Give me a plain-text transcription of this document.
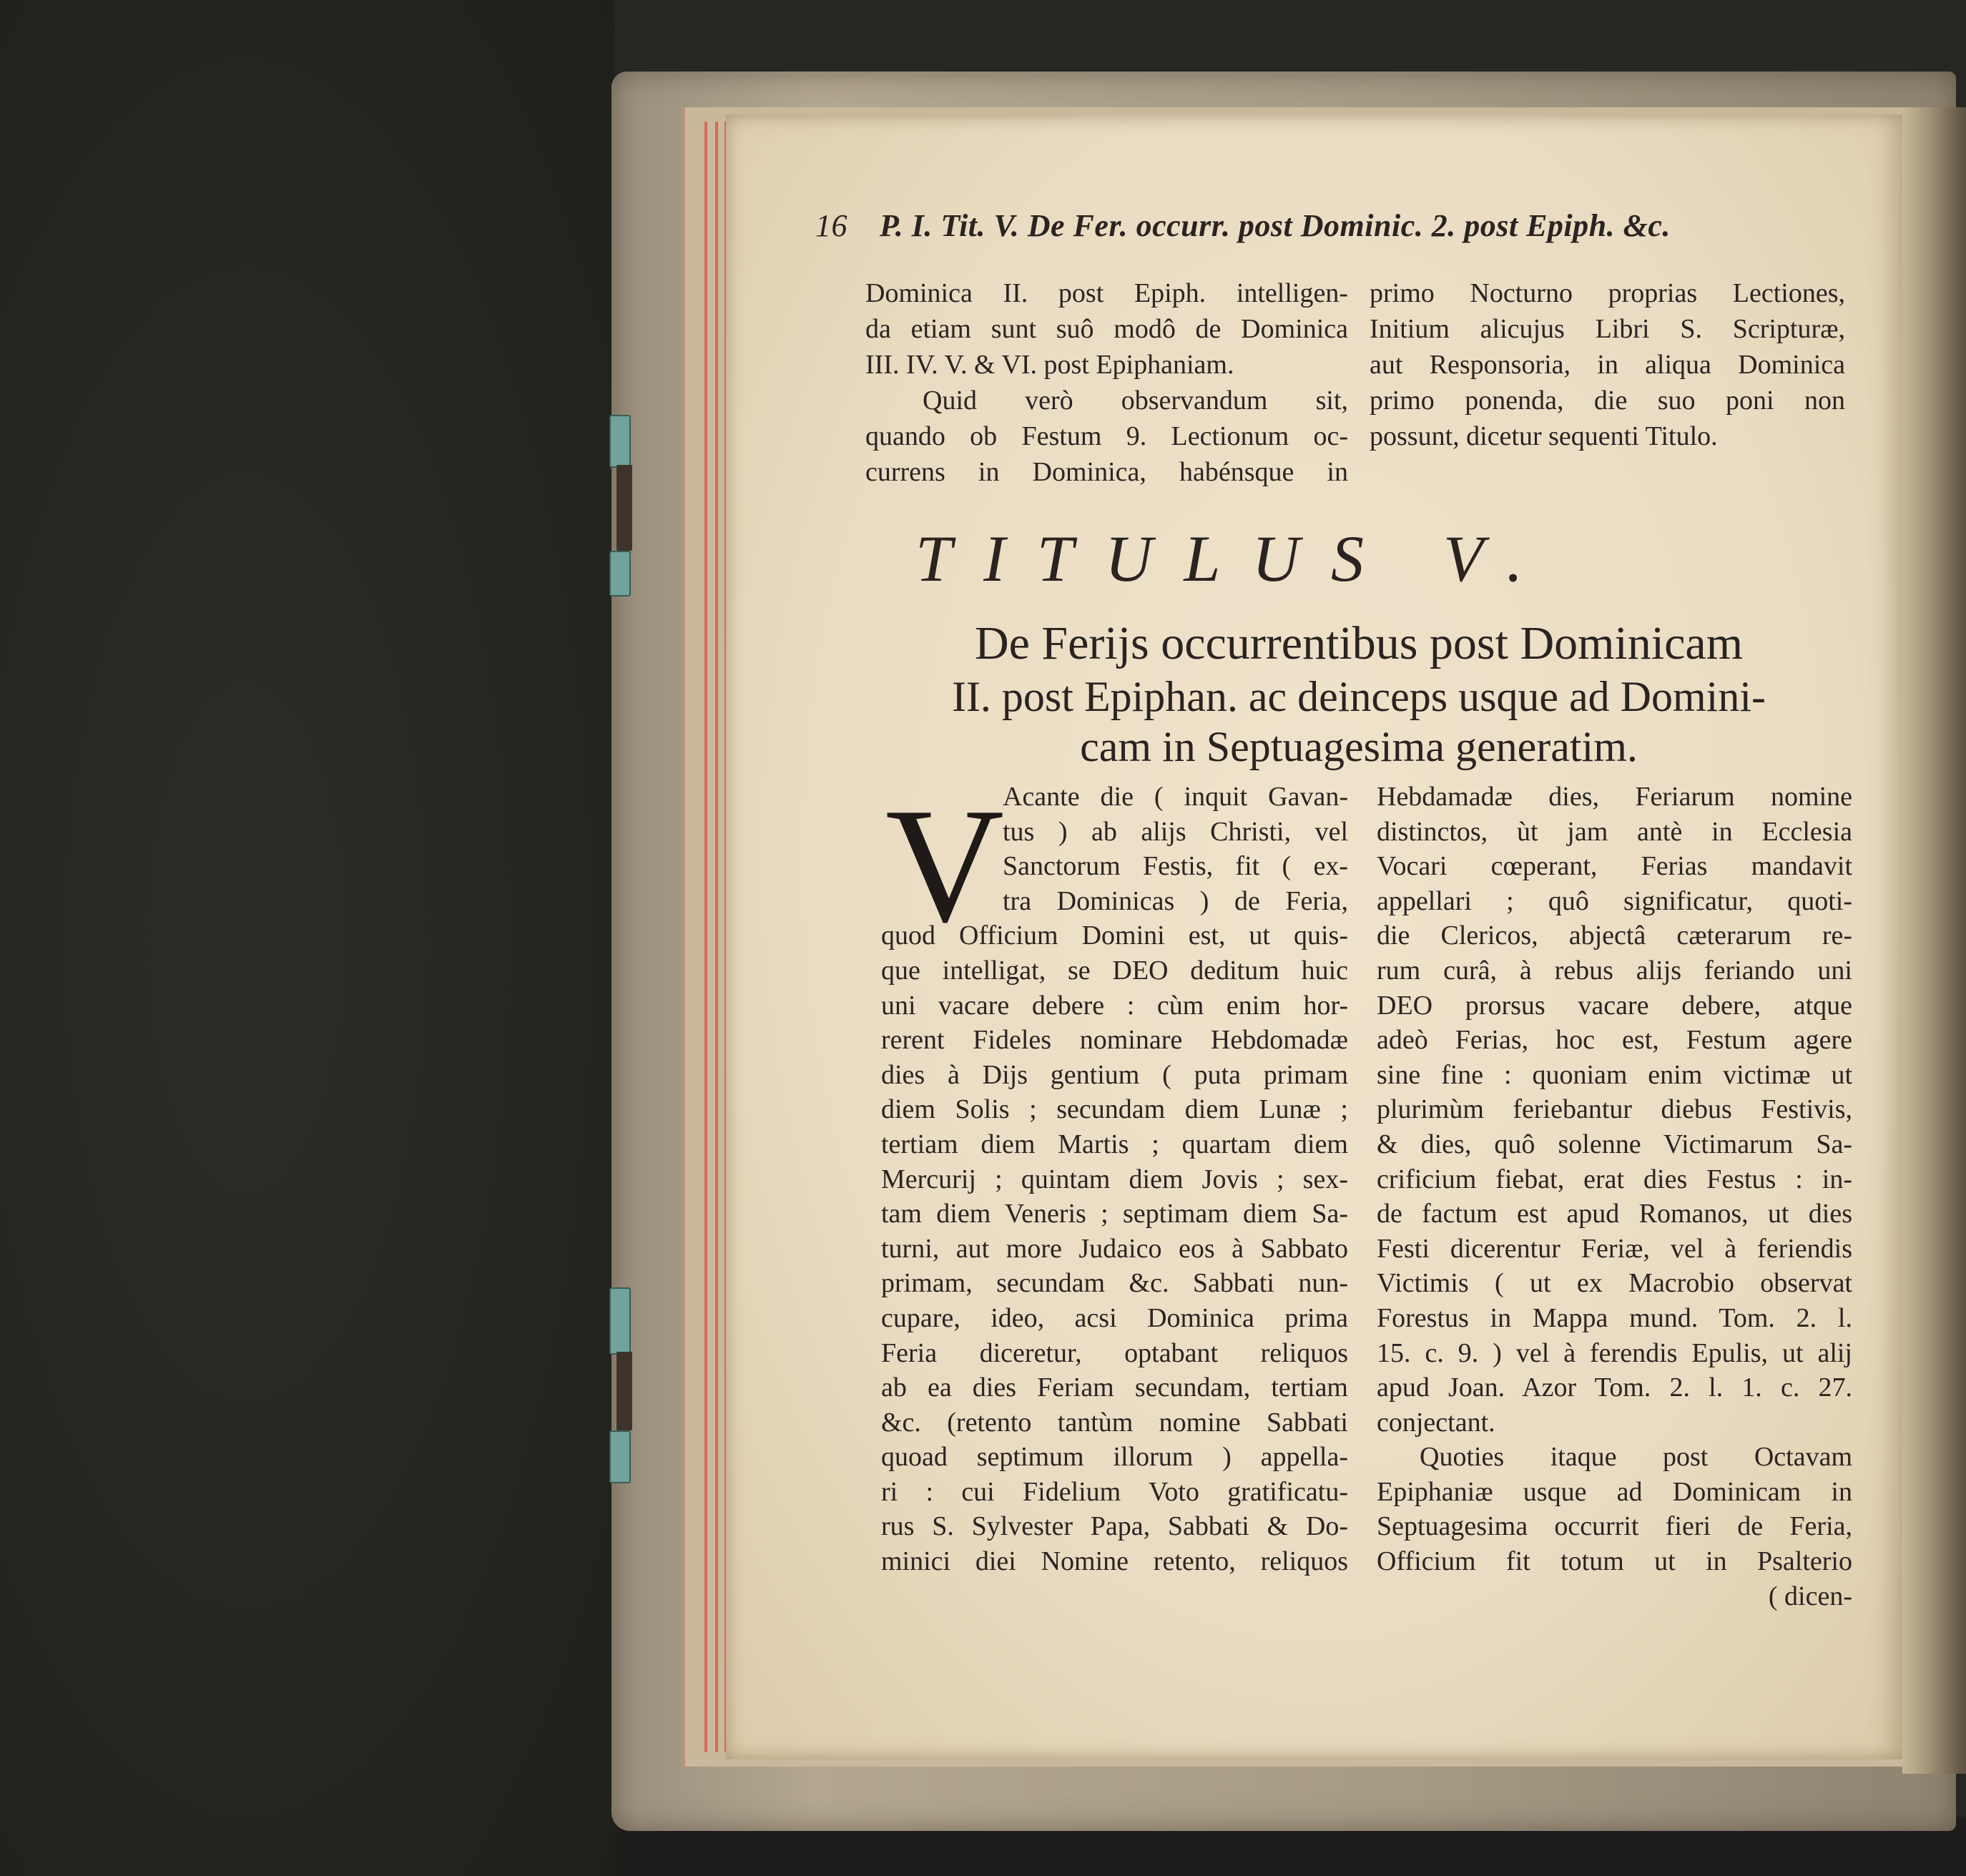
16 P. I. Tit. V. De Fer. occurr. post Dominic. 2. post Epiph. &c.
Dominica II. post Epiph. intelligen-
da etiam sunt suô modô de Dominica
III. IV. V. & VI. post Epiphaniam.
Quid verò observandum sit,
quando ob Festum 9. Lectionum oc-
currens in Dominica, habénsque in
primo Nocturno proprias Lectiones,
Initium alicujus Libri S. Scripturæ,
aut Responsoria, in aliqua Dominica
primo ponenda, die suo poni non
possunt, dicetur sequenti Titulo.
TITULUS V.
De Ferijs occurrentibus post Dominicam
II. post Epiphan. ac deinceps usque ad Domini-
cam in Septuagesima generatim.
V
Acante die ( inquit Gavan-
tus ) ab alijs Christi, vel
Sanctorum Festis, fit ( ex-
tra Dominicas ) de Feria,
quod Officium Domini est, ut quis-
que intelligat, se DEO deditum huic
uni vacare debere : cùm enim hor-
rerent Fideles nominare Hebdomadæ
dies à Dijs gentium ( puta primam
diem Solis ; secundam diem Lunæ ;
tertiam diem Martis ; quartam diem
Mercurij ; quintam diem Jovis ; sex-
tam diem Veneris ; septimam diem Sa-
turni, aut more Judaico eos à Sabbato
primam, secundam &c. Sabbati nun-
cupare, ideo, acsi Dominica prima
Feria diceretur, optabant reliquos
ab ea dies Feriam secundam, tertiam
&c. (retento tantùm nomine Sabbati
quoad septimum illorum ) appella-
ri : cui Fidelium Voto gratificatu-
rus S. Sylvester Papa, Sabbati & Do-
minici diei Nomine retento, reliquos
Hebdamadæ dies, Feriarum nomine
distinctos, ùt jam antè in Ecclesia
Vocari cœperant, Ferias mandavit
appellari ; quô significatur, quoti-
die Clericos, abjectâ cæterarum re-
rum curâ, à rebus alijs feriando uni
DEO prorsus vacare debere, atque
adeò Ferias, hoc est, Festum agere
sine fine : quoniam enim victimæ ut
plurimùm feriebantur diebus Festivis,
& dies, quô solenne Victimarum Sa-
crificium fiebat, erat dies Festus : in-
de factum est apud Romanos, ut dies
Festi dicerentur Feriæ, vel à feriendis
Victimis ( ut ex Macrobio observat
Forestus in Mappa mund. Tom. 2. l.
15. c. 9. ) vel à ferendis Epulis, ut alij
apud Joan. Azor Tom. 2. l. 1. c. 27.
conjectant.
Quoties itaque post Octavam
Epiphaniæ usque ad Dominicam in
Septuagesima occurrit fieri de Feria,
Officium fit totum ut in Psalterio
( dicen-
